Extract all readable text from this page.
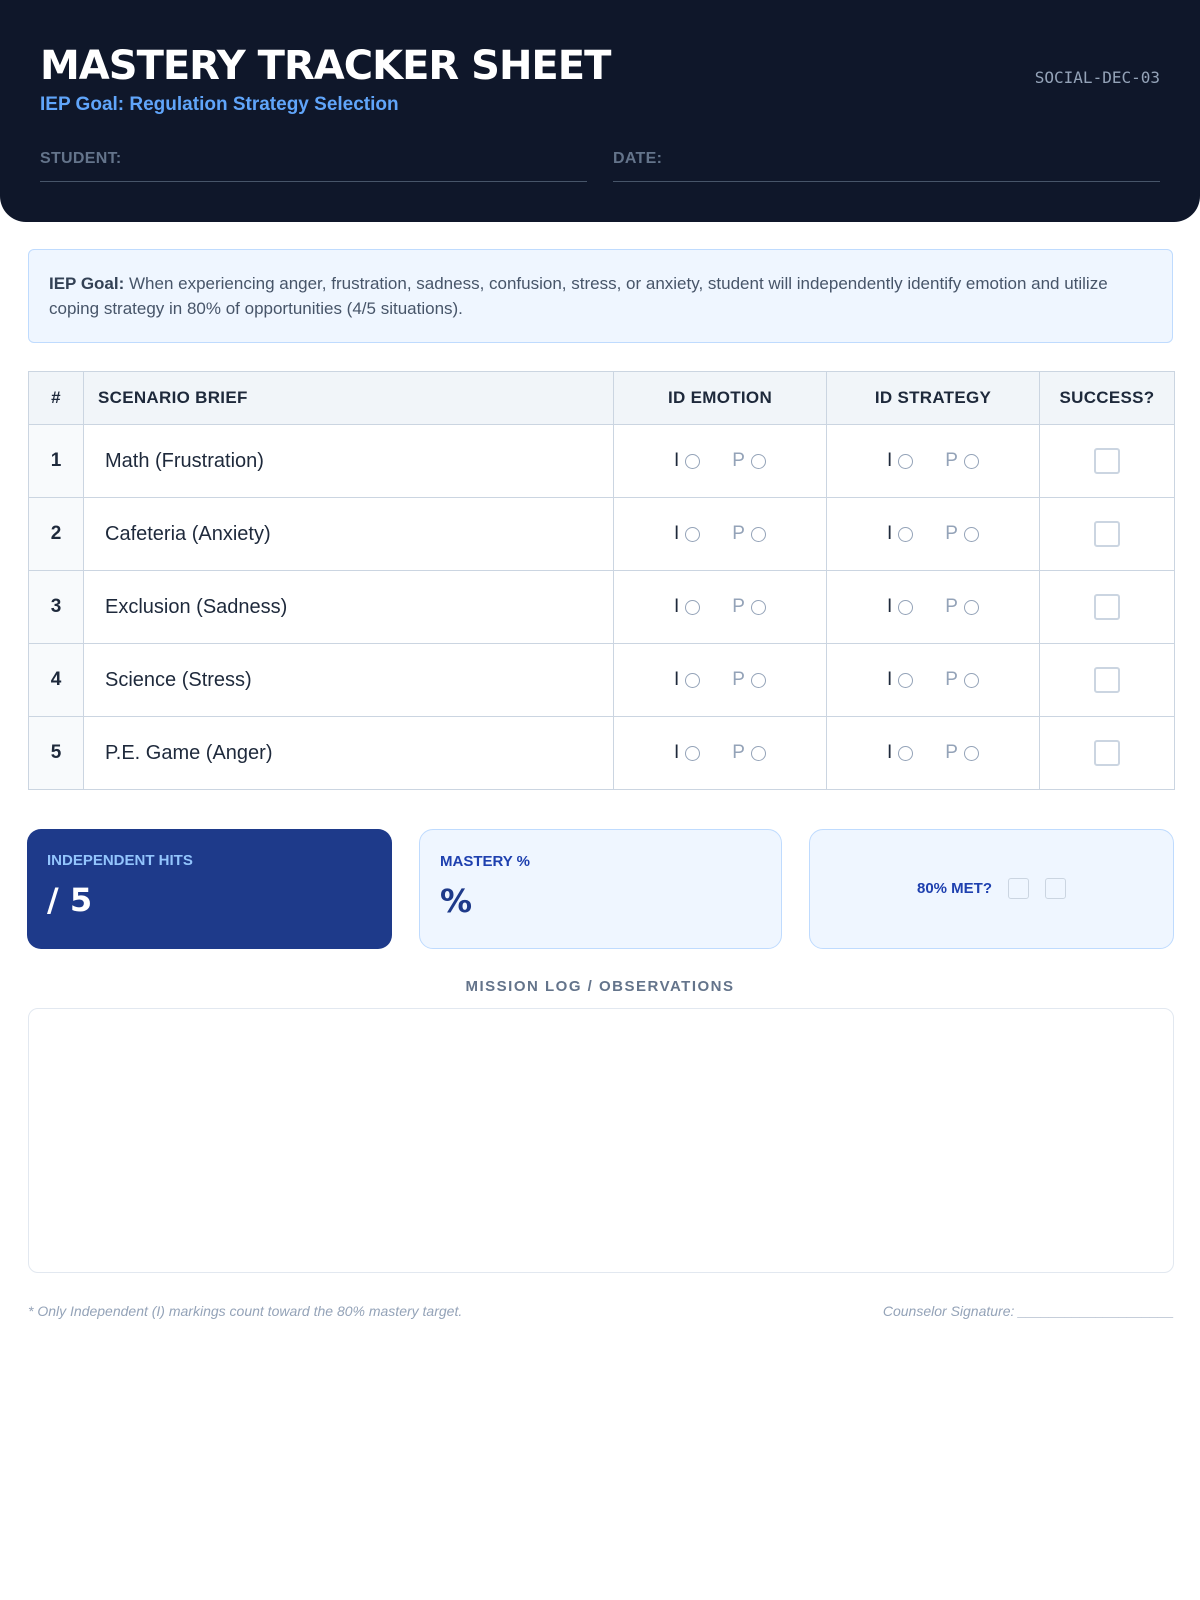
MASTERY TRACKER SHEET
IEP Goal: Regulation Strategy Selection
SOCIAL-DEC-03
STUDENT:	DATE:
IEP Goal: When experiencing anger, frustration, sadness, confusion, stress, or anxiety, student will independently identify emotion and utilize coping strategy in 80% of opportunities (4/5 situations).
#	SCENARIO BRIEF	ID EMOTION	ID STRATEGY	SUCCESS?
1	Math (Frustration)	I P	I P	

2	Cafeteria (Anxiety)	I P	I P	

3	Exclusion (Sadness)	I P	I P	

4	Science (Stress)	I P	I P	

5	P.E. Game (Anger)	I P	I P	

INDEPENDENT HITS
/ 5
MASTERY %
%	80% MET?
MISSION LOG / OBSERVATIONS
* Only Independent (I) markings count toward the 80% mastery target.	Counselor Signature: ____________________
